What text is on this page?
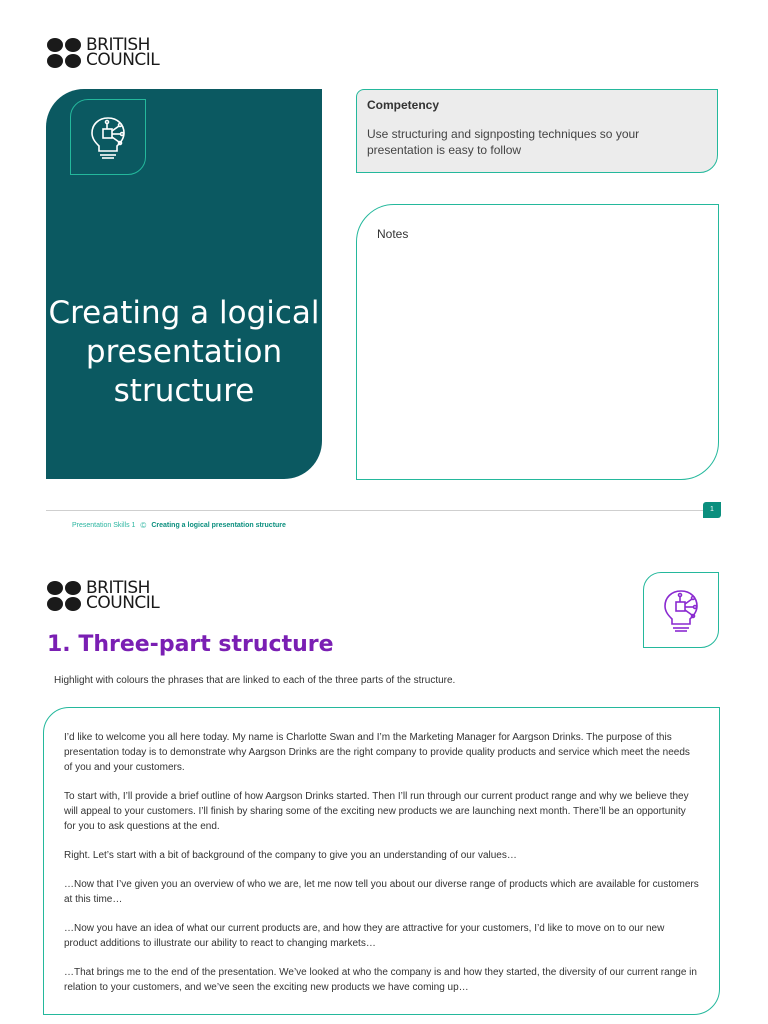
BRITISH
COUNCIL
Creating a logical presentation structure
Competency
Use structuring and signposting techniques so your presentation is easy to follow
Notes
1
Presentation Skills 1 © Creating a logical presentation structure
BRITISH
COUNCIL
1. Three-part structure
Highlight with colours the phrases that are linked to each of the three parts of the structure.

I’d like to welcome you all here today. My name is Charlotte Swan and I’m the Marketing Manager for Aargson Drinks. The purpose of this presentation today is to demonstrate why Aargson Drinks are the right company to provide quality products and service which meet the needs of you and your customers.

To start with, I’ll provide a brief outline of how Aargson Drinks started. Then I’ll run through our current product range and why we believe they will appeal to your customers. I’ll finish by sharing some of the exciting new products we are launching next month. There’ll be an opportunity for you to ask questions at the end.

Right. Let’s start with a bit of background of the company to give you an understanding of our values…

…Now that I’ve given you an overview of who we are, let me now tell you about our diverse range of products which are available for customers at this time…

…Now you have an idea of what our current products are, and how they are attractive for your customers, I’d like to move on to our new product additions to illustrate our ability to react to changing markets…

…That brings me to the end of the presentation. We’ve looked at who the company is and how they started, the diversity of our current range in relation to your customers, and we’ve seen the exciting new products we have coming up…
